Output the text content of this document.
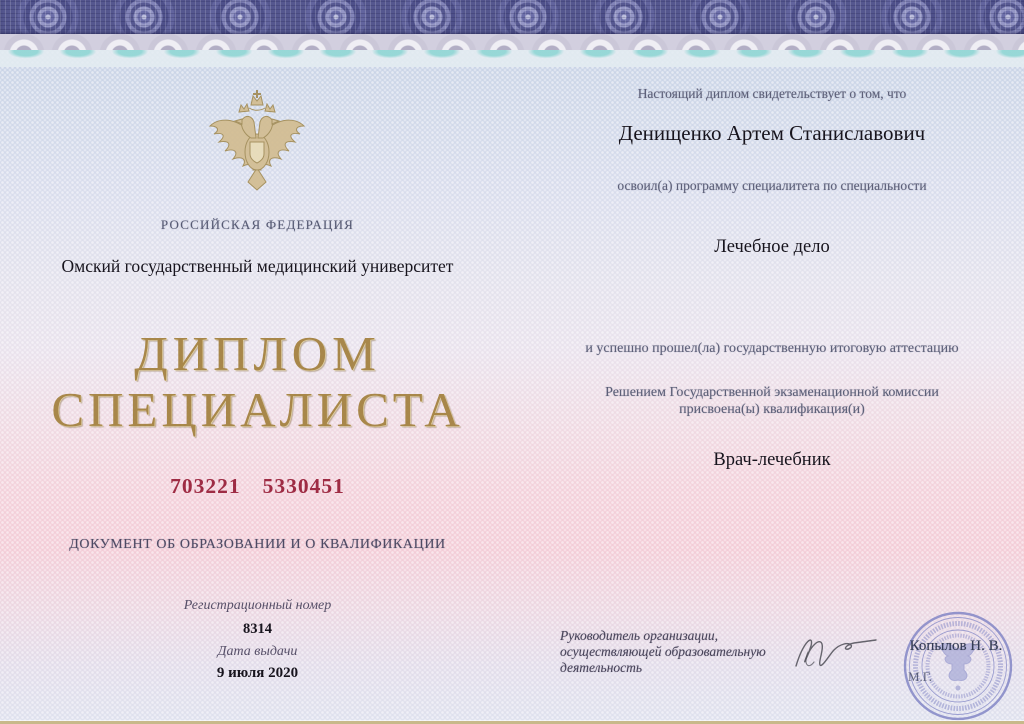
РОССИЙСКАЯ ФЕДЕРАЦИЯ
Омский государственный медицинский университет
ДИПЛОМ
СПЕЦИАЛИСТА
703221 5330451
ДОКУМЕНТ ОБ ОБРАЗОВАНИИ И О КВАЛИФИКАЦИИ
Регистрационный номер
8314
Дата выдачи
9 июля 2020
Настоящий диплом свидетельствует о том, что
Денищенко Артем Станиславович
освоил(а) программу специалитета по специальности
Лечебное дело
и успешно прошел(ла) государственную итоговую аттестацию
Решением Государственной экзаменационной комиссии
присвоена(ы) квалификация(и)
Врач-лечебник
Руководитель организации,
осуществляющей образовательную
деятельность
Копылов Н. В.
М.Г.
